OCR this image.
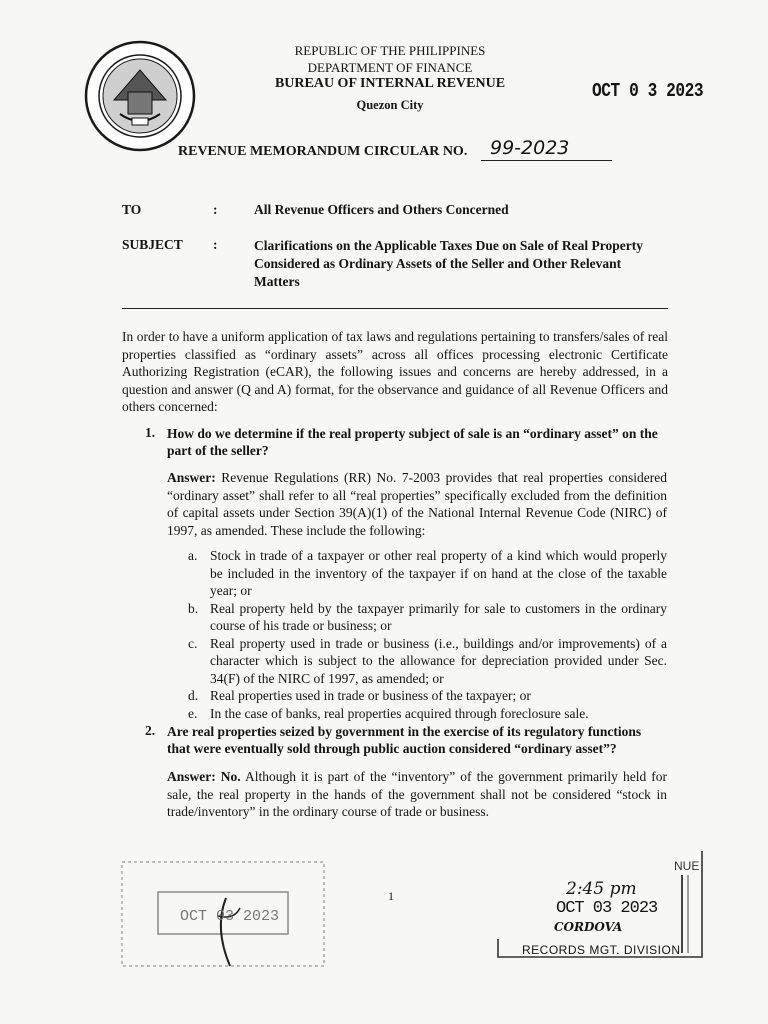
REPUBLIC OF THE PHILIPPINES
DEPARTMENT OF FINANCE
BUREAU OF INTERNAL REVENUE
Quezon City
OCT 0 3 2023
REVENUE MEMORANDUM CIRCULAR NO. 99-2023
TO	:	All Revenue Officers and Others Concerned
SUBJECT :	Clarifications on the Applicable Taxes Due on Sale of Real Property
Considered as Ordinary Assets of the Seller and Other Relevant
Matters

In order to have a uniform application of tax laws and regulations pertaining to transfers/sales of real properties classified as “ordinary assets” across all offices processing electronic Certificate Authorizing Registration (eCAR), the following issues and concerns are hereby addressed, in a question and answer (Q and A) format, for the observance and guidance of all Revenue Officers and others concerned:

1. How do we determine if the real property subject of sale is an “ordinary asset” on the part of the seller?

Answer: Revenue Regulations (RR) No. 7-2003 provides that real properties considered “ordinary asset” shall refer to all “real properties” specifically excluded from the definition of capital assets under Section 39(A)(1) of the National Internal Revenue Code (NIRC) of 1997, as amended. These include the following:

a. Stock in trade of a taxpayer or other real property of a kind which would properly be included in the inventory of the taxpayer if on hand at the close of the taxable year; or
b. Real property held by the taxpayer primarily for sale to customers in the ordinary course of his trade or business; or
c. Real property used in trade or business (i.e., buildings and/or improvements) of a character which is subject to the allowance for depreciation provided under Sec. 34(F) of the NIRC of 1997, as amended; or
d. Real properties used in trade or business of the taxpayer; or
e. In the case of banks, real properties acquired through foreclosure sale.
2. Are real properties seized by government in the exercise of its regulatory functions that were eventually sold through public auction considered “ordinary asset”?

Answer: No. Although it is part of the “inventory” of the government primarily held for sale, the real property in the hands of the government shall not be considered “stock in trade/inventory” in the ordinary course of trade or business.

1
OCT 03 2023
NUE
2:45 pm
OCT 03 2023
CORDOVA
RECORDS MGT. DIVISION
